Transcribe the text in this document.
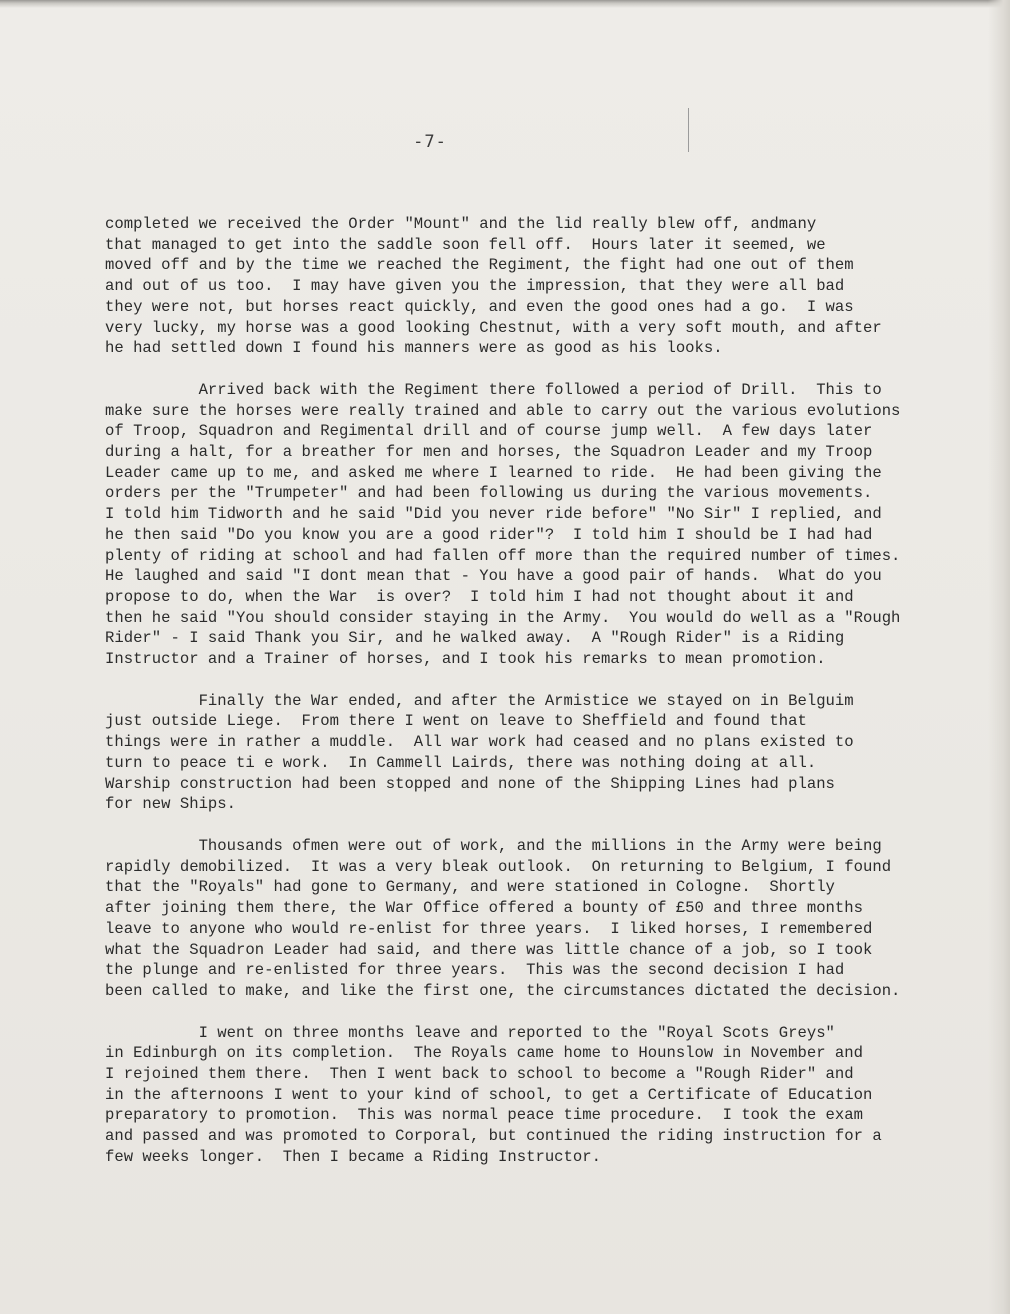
-7-
completed we received the Order "Mount" and the lid really blew off, andmany
that managed to get into the saddle soon fell off.  Hours later it seemed, we
moved off and by the time we reached the Regiment, the fight had one out of them
and out of us too.  I may have given you the impression, that they were all bad
they were not, but horses react quickly, and even the good ones had a go.  I was
very lucky, my horse was a good looking Chestnut, with a very soft mouth, and after
he had settled down I found his manners were as good as his looks.
Arrived back with the Regiment there followed a period of Drill.  This to
make sure the horses were really trained and able to carry out the various evolutions
of Troop, Squadron and Regimental drill and of course jump well.  A few days later
during a halt, for a breather for men and horses, the Squadron Leader and my Troop
Leader came up to me, and asked me where I learned to ride.  He had been giving the
orders per the "Trumpeter" and had been following us during the various movements.
I told him Tidworth and he said "Did you never ride before" "No Sir" I replied, and
he then said "Do you know you are a good rider"?  I told him I should be I had had
plenty of riding at school and had fallen off more than the required number of times.
He laughed and said "I dont mean that - You have a good pair of hands.  What do you
propose to do, when the War  is over?  I told him I had not thought about it and
then he said "You should consider staying in the Army.  You would do well as a "Rough
Rider" - I said Thank you Sir, and he walked away.  A "Rough Rider" is a Riding
Instructor and a Trainer of horses, and I took his remarks to mean promotion.
Finally the War ended, and after the Armistice we stayed on in Belguim
just outside Liege.  From there I went on leave to Sheffield and found that
things were in rather a muddle.  All war work had ceased and no plans existed to
turn to peace ti e work.  In Cammell Lairds, there was nothing doing at all.
Warship construction had been stopped and none of the Shipping Lines had plans
for new Ships.
Thousands ofmen were out of work, and the millions in the Army were being
rapidly demobilized.  It was a very bleak outlook.  On returning to Belgium, I found
that the "Royals" had gone to Germany, and were stationed in Cologne.  Shortly
after joining them there, the War Office offered a bounty of £50 and three months
leave to anyone who would re-enlist for three years.  I liked horses, I remembered
what the Squadron Leader had said, and there was little chance of a job, so I took
the plunge and re-enlisted for three years.  This was the second decision I had
been called to make, and like the first one, the circumstances dictated the decision.
I went on three months leave and reported to the "Royal Scots Greys"
in Edinburgh on its completion.  The Royals came home to Hounslow in November and
I rejoined them there.  Then I went back to school to become a "Rough Rider" and
in the afternoons I went to your kind of school, to get a Certificate of Education
preparatory to promotion.  This was normal peace time procedure.  I took the exam
and passed and was promoted to Corporal, but continued the riding instruction for a
few weeks longer.  Then I became a Riding Instructor.
